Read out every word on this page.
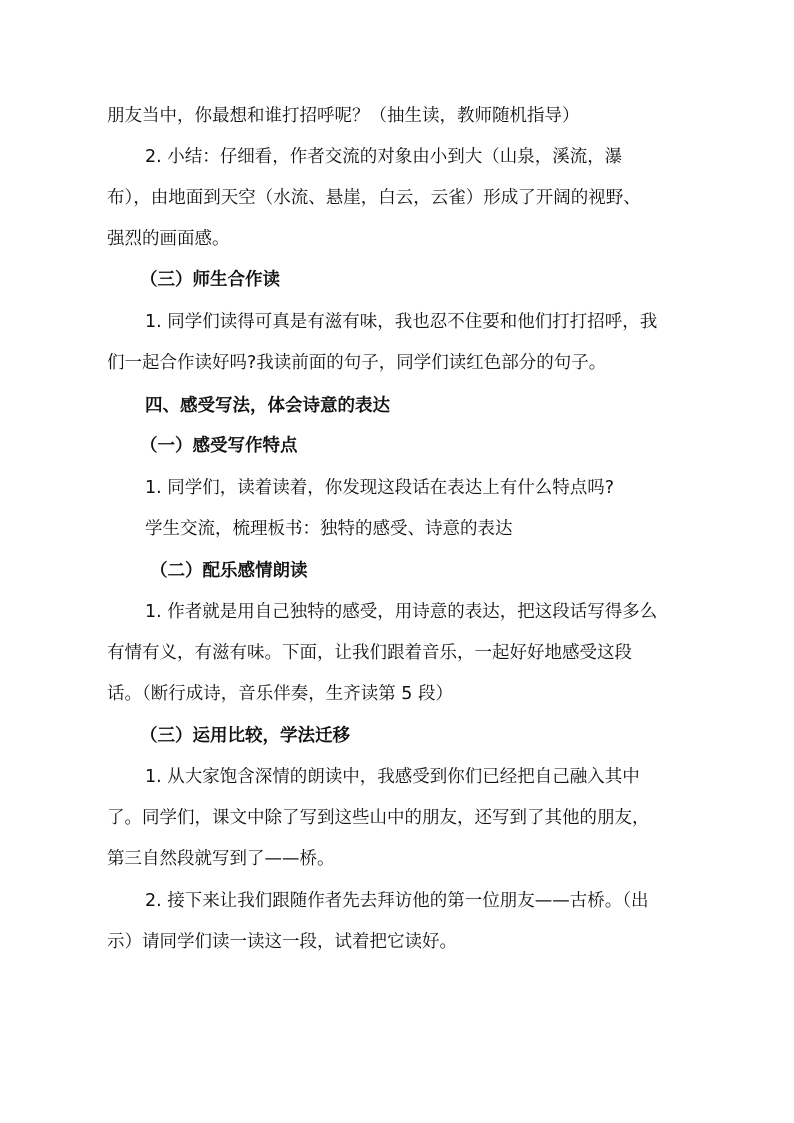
朋友当中，你最想和谁打招呼呢？（抽生读，教师随机指导）
2. 小结：仔细看，作者交流的对象由小到大（山泉，溪流，瀑
布），由地面到天空（水流、悬崖，白云，云雀）形成了开阔的视野、
强烈的画面感。
（三）师生合作读
1. 同学们读得可真是有滋有味，我也忍不住要和他们打打招呼，我
们一起合作读好吗?我读前面的句子，同学们读红色部分的句子。
四、感受写法，体会诗意的表达
（一）感受写作特点
1. 同学们，读着读着，你发现这段话在表达上有什么特点吗?
学生交流，梳理板书：独特的感受、诗意的表达
（二）配乐感情朗读
1. 作者就是用自己独特的感受，用诗意的表达，把这段话写得多么
有情有义，有滋有味。下面，让我们跟着音乐，一起好好地感受这段
话。（断行成诗，音乐伴奏，生齐读第 5 段）
（三）运用比较，学法迁移
1. 从大家饱含深情的朗读中，我感受到你们已经把自己融入其中
了。同学们，课文中除了写到这些山中的朋友，还写到了其他的朋友，
第三自然段就写到了——桥。
2. 接下来让我们跟随作者先去拜访他的第一位朋友——古桥。（出
示）请同学们读一读这一段，试着把它读好。
